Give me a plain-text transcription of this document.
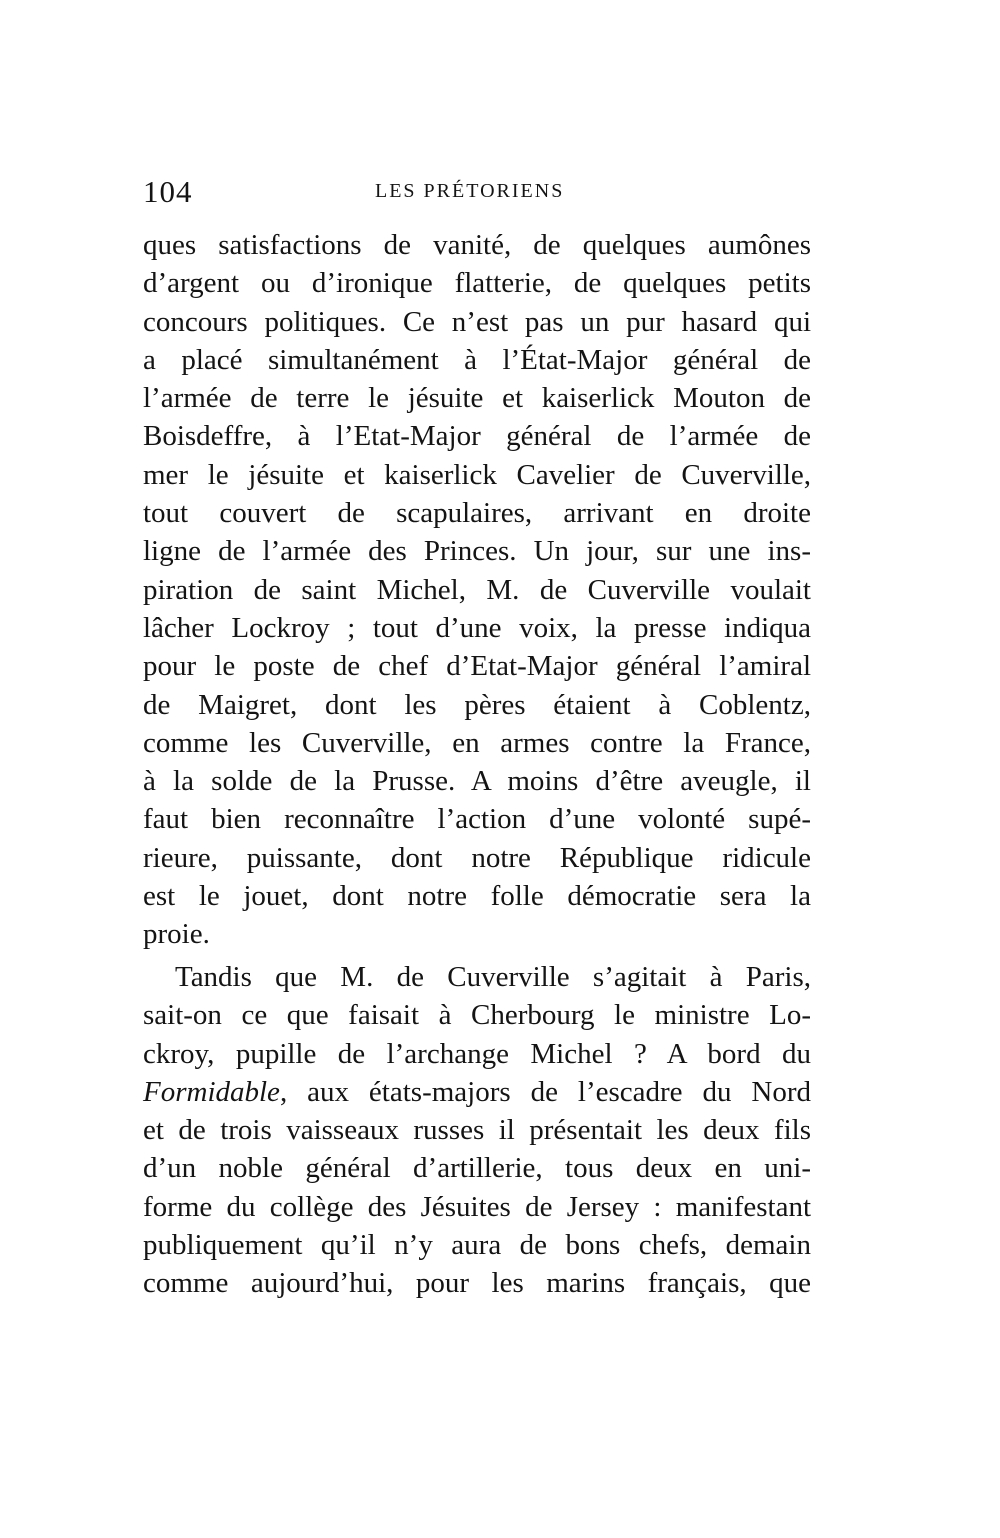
104	LES PRÉTORIENS
ques satisfactions de vanité, de quelques aumônes
d’argent ou d’ironique flatterie, de quelques petits
concours politiques. Ce n’est pas un pur hasard qui
a placé simultanément à l’État-Major général de
l’armée de terre le jésuite et kaiserlick Mouton de
Boisdeffre, à l’Etat-Major général de l’armée de
mer le jésuite et kaiserlick Cavelier de Cuverville,
tout couvert de scapulaires, arrivant en droite
ligne de l’armée des Princes. Un jour, sur une ins-
piration de saint Michel, M. de Cuverville voulait
lâcher Lockroy ; tout d’une voix, la presse indiqua
pour le poste de chef d’Etat-Major général l’amiral
de Maigret, dont les pères étaient à Coblentz,
comme les Cuverville, en armes contre la France,
à la solde de la Prusse. A moins d’être aveugle, il
faut bien reconnaître l’action d’une volonté supé-
rieure, puissante, dont notre République ridicule
est le jouet, dont notre folle démocratie sera la
proie.
Tandis que M. de Cuverville s’agitait à Paris,
sait-on ce que faisait à Cherbourg le ministre Lo-
ckroy, pupille de l’archange Michel ? A bord du
Formidable, aux états-majors de l’escadre du Nord
et de trois vaisseaux russes il présentait les deux fils
d’un noble général d’artillerie, tous deux en uni-
forme du collège des Jésuites de Jersey : manifestant
publiquement qu’il n’y aura de bons chefs, demain
comme aujourd’hui, pour les marins français, que
